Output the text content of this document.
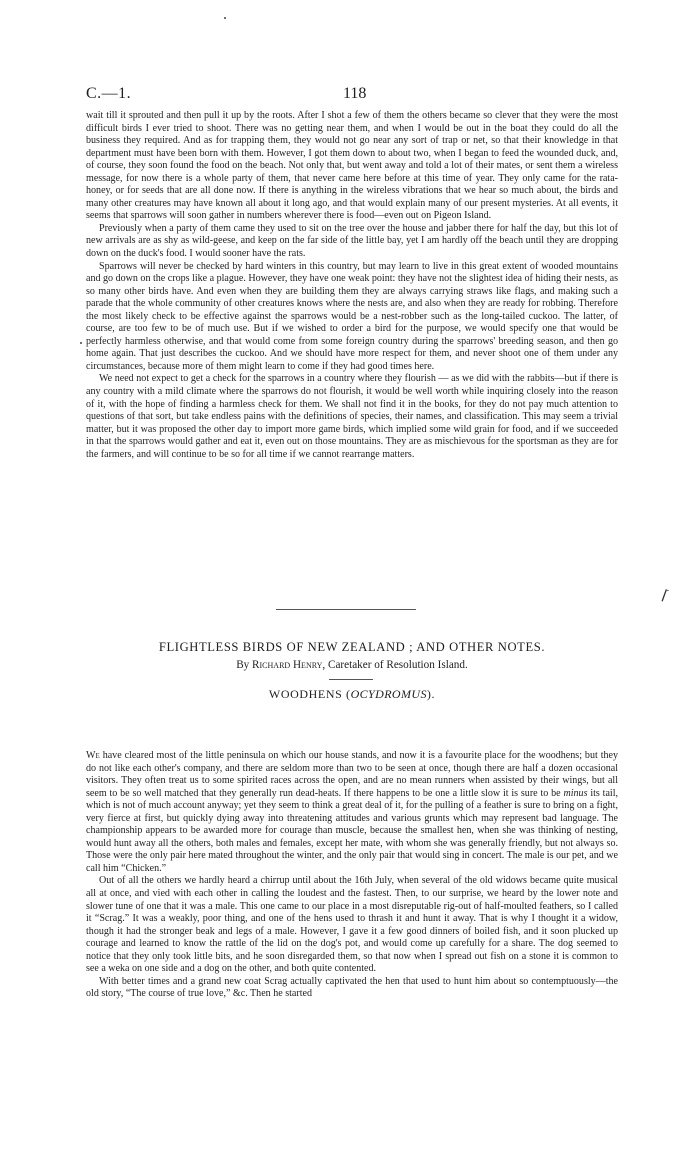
C.—1.	118

wait till it sprouted and then pull it up by the roots. After I shot a few of them the others became so clever that they were the most difficult birds I ever tried to shoot. There was no getting near them, and when I would be out in the boat they could do all the business they required. And as for trapping them, they would not go near any sort of trap or net, so that their knowledge in that department must have been born with them. However, I got them down to about two, when I began to feed the wounded duck, and, of course, they soon found the food on the beach. Not only that, but went away and told a lot of their mates, or sent them a wireless message, for now there is a whole party of them, that never came here before at this time of year. They only came for the rata-honey, or for seeds that are all done now. If there is anything in the wireless vibrations that we hear so much about, the birds and many other creatures may have known all about it long ago, and that would explain many of our present mysteries. At all events, it seems that sparrows will soon gather in numbers wherever there is food—even out on Pigeon Island.

Previously when a party of them came they used to sit on the tree over the house and jabber there for half the day, but this lot of new arrivals are as shy as wild-geese, and keep on the far side of the little bay, yet I am hardly off the beach until they are dropping down on the duck's food. I would sooner have the rats.

Sparrows will never be checked by hard winters in this country, but may learn to live in this great extent of wooded mountains and go down on the crops like a plague. However, they have one weak point: they have not the slightest idea of hiding their nests, as so many other birds have. And even when they are building them they are always carrying straws like flags, and making such a parade that the whole community of other creatures knows where the nests are, and also when they are ready for robbing. Therefore the most likely check to be effective against the sparrows would be a nest-robber such as the long-tailed cuckoo. The latter, of course, are too few to be of much use. But if we wished to order a bird for the purpose, we would specify one that would be perfectly harmless otherwise, and that would come from some foreign country during the sparrows' breeding season, and then go home again. That just describes the cuckoo. And we should have more respect for them, and never shoot one of them under any circumstances, because more of them might learn to come if they had good times here.

We need not expect to get a check for the sparrows in a country where they flourish — as we did with the rabbits—but if there is any country with a mild climate where the sparrows do not flourish, it would be well worth while inquiring closely into the reason of it, with the hope of finding a harmless check for them. We shall not find it in the books, for they do not pay much attention to questions of that sort, but take endless pains with the definitions of species, their names, and classification. This may seem a trivial matter, but it was proposed the other day to import more game birds, which implied some wild grain for food, and if we succeeded in that the sparrows would gather and eat it, even out on those mountains. They are as mischievous for the sportsman as they are for the farmers, and will continue to be so for all time if we cannot rearrange matters.

⌈
FLIGHTLESS BIRDS OF NEW ZEALAND ; AND OTHER NOTES.
By Richard Henry, Caretaker of Resolution Island.
WOODHENS (OCYDROMUS).

We have cleared most of the little peninsula on which our house stands, and now it is a favourite place for the woodhens; but they do not like each other's company, and there are seldom more than two to be seen at once, though there are half a dozen occasional visitors. They often treat us to some spirited races across the open, and are no mean runners when assisted by their wings, but all seem to be so well matched that they generally run dead-heats. If there happens to be one a little slow it is sure to be minus its tail, which is not of much account anyway; yet they seem to think a great deal of it, for the pulling of a feather is sure to bring on a fight, very fierce at first, but quickly dying away into threatening attitudes and various grunts which may represent bad language. The championship appears to be awarded more for courage than muscle, because the smallest hen, when she was thinking of nesting, would hunt away all the others, both males and females, except her mate, with whom she was generally friendly, but not always so. Those were the only pair here mated throughout the winter, and the only pair that would sing in concert. The male is our pet, and we call him “Chicken.”

Out of all the others we hardly heard a chirrup until about the 16th July, when several of the old widows became quite musical all at once, and vied with each other in calling the loudest and the fastest. Then, to our surprise, we heard by the lower note and slower tune of one that it was a male. This one came to our place in a most disreputable rig-out of half-moulted feathers, so I called it “Scrag.” It was a weakly, poor thing, and one of the hens used to thrash it and hunt it away. That is why I thought it a widow, though it had the stronger beak and legs of a male. However, I gave it a few good dinners of boiled fish, and it soon plucked up courage and learned to know the rattle of the lid on the dog's pot, and would come up carefully for a share. The dog seemed to notice that they only took little bits, and he soon disregarded them, so that now when I spread out fish on a stone it is common to see a weka on one side and a dog on the other, and both quite contented.

With better times and a grand new coat Scrag actually captivated the hen that used to hunt him about so contemptuously—the old story, “The course of true love,” &c. Then he started
